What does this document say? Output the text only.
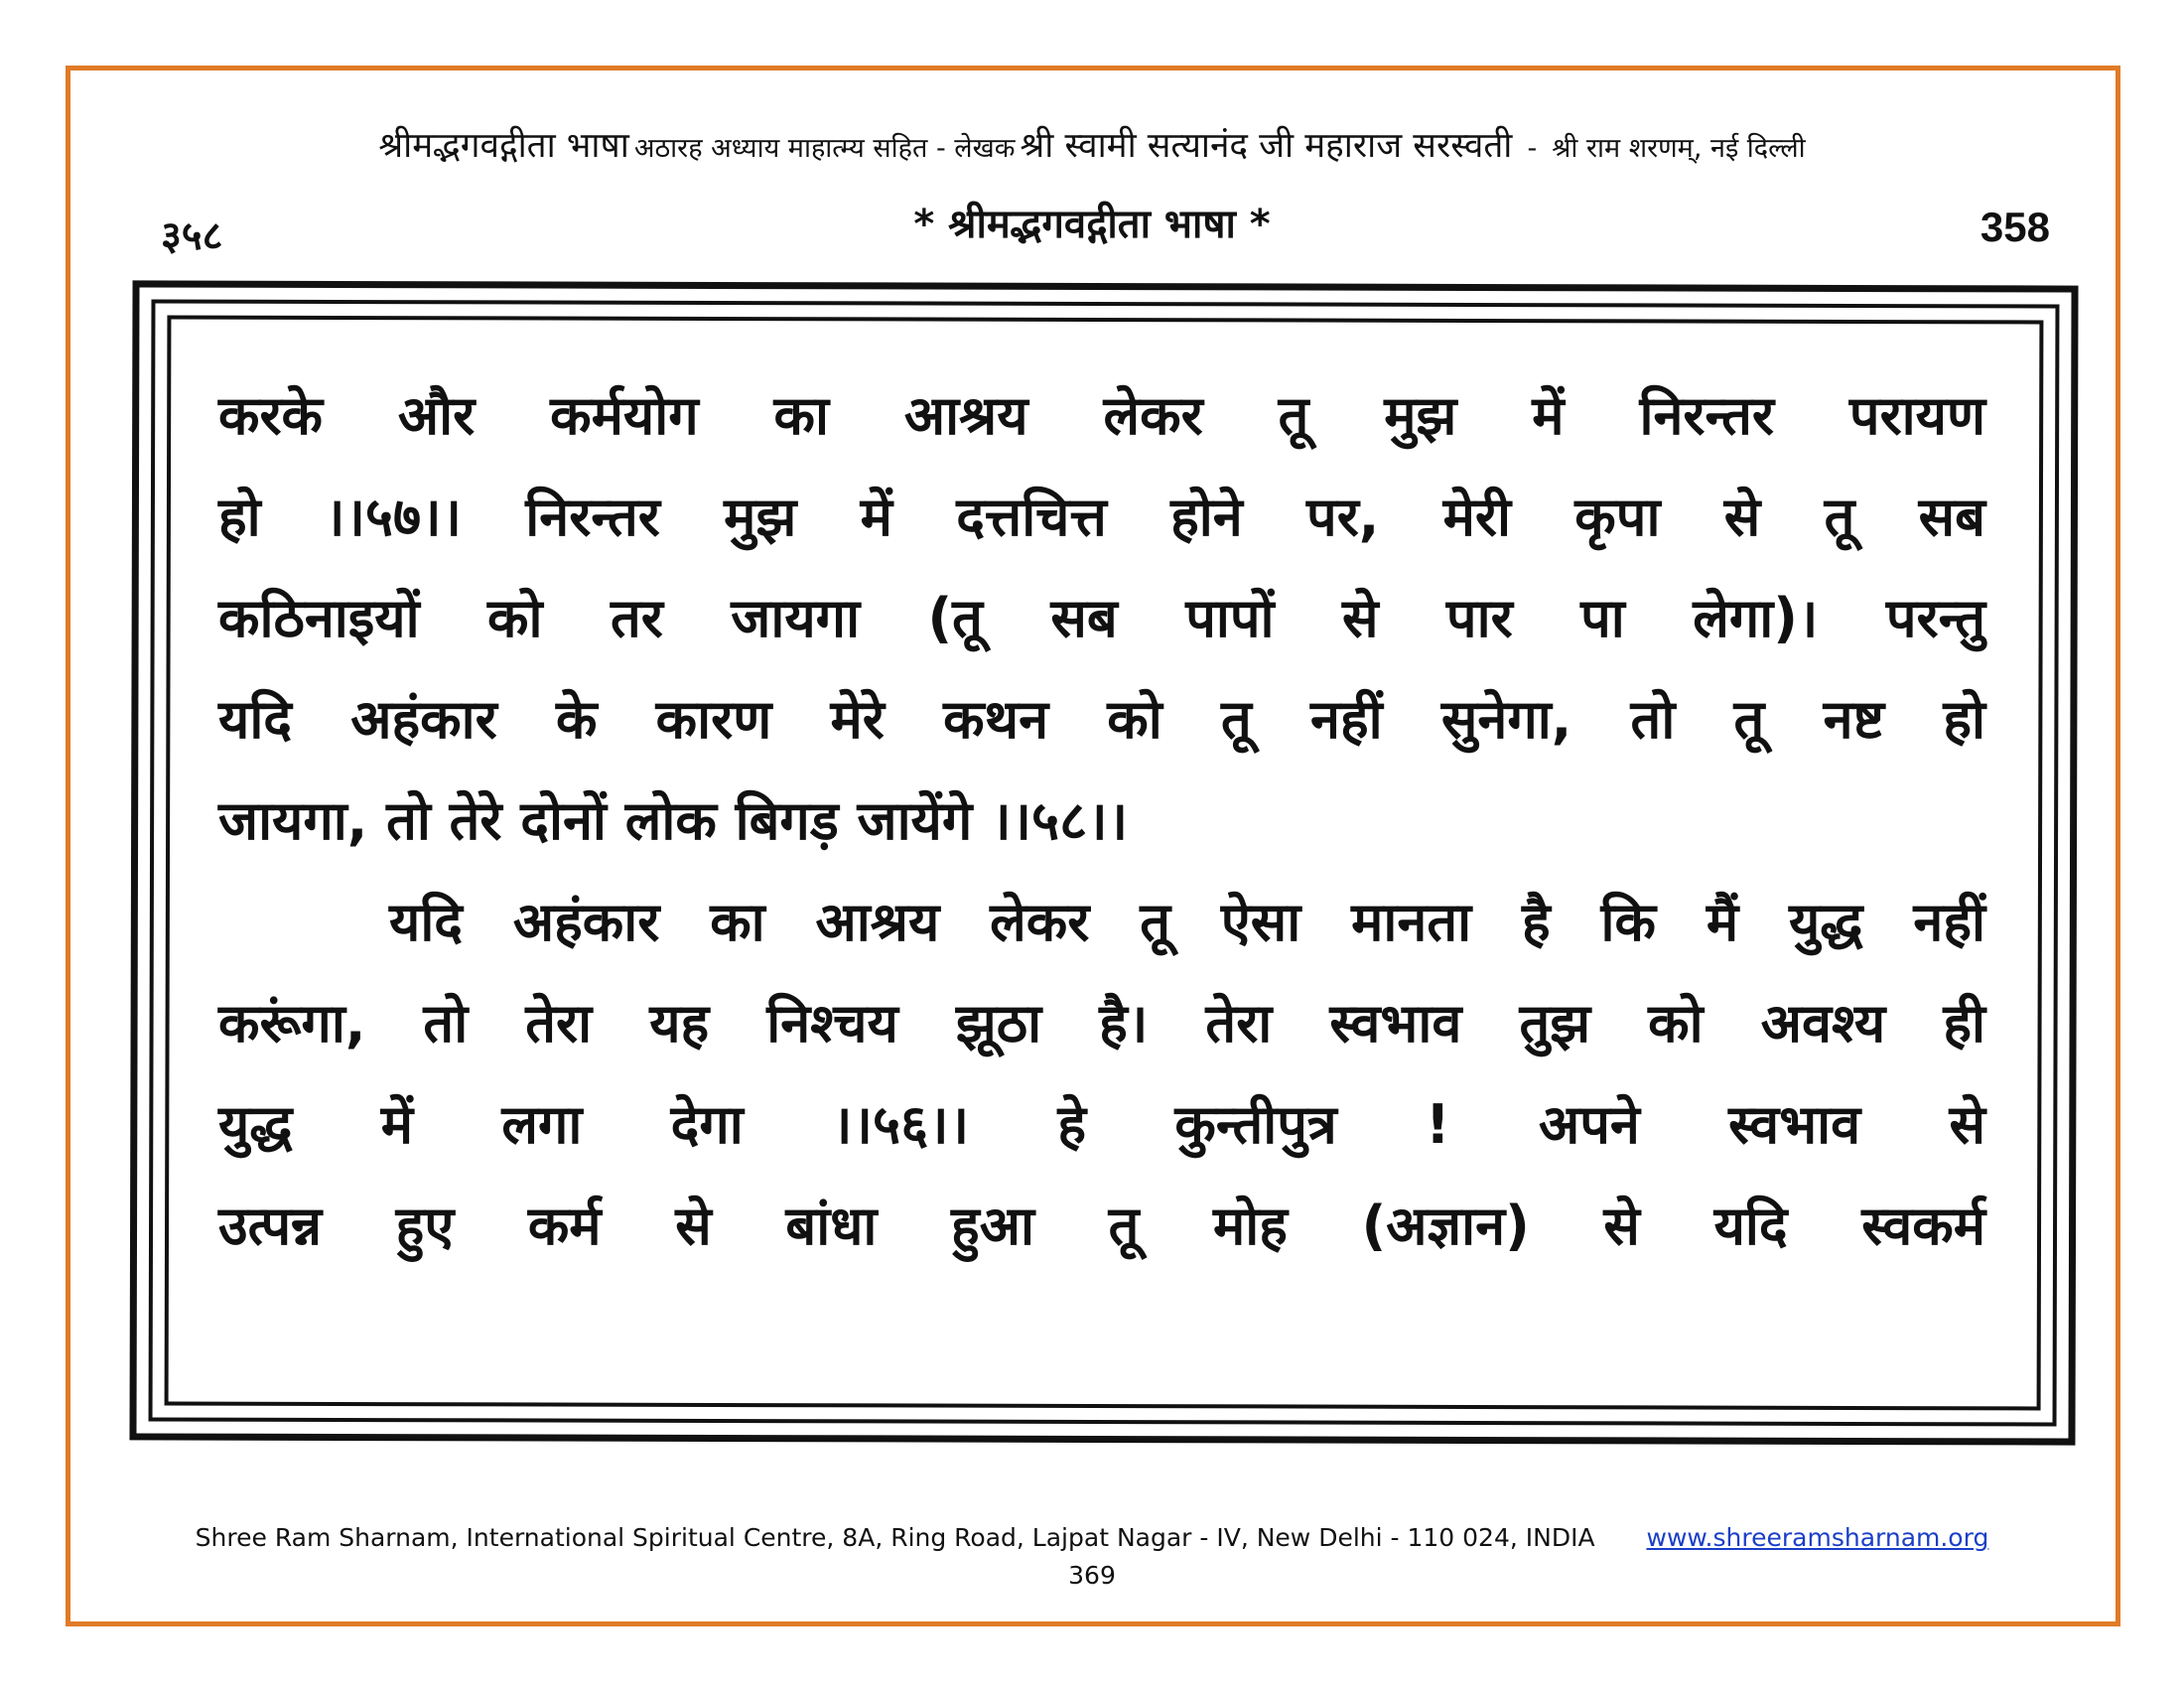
श्रीमद्भगवद्गीता भाषा अठारह अध्याय माहात्म्य सहित - लेखक श्री स्वामी सत्यानंद जी महाराज सरस्वती - श्री राम शरणम्, नई दिल्ली
३५८	* श्रीमद्भगवद्गीता भाषा *	358
करके और कर्मयोग का आश्रय लेकर तू मुझ में निरन्तर परायण
हो ।।५७।। निरन्तर मुझ में दत्तचित्त होने पर, मेरी कृपा से तू सब
कठिनाइयों को तर जायगा (तू सब पापों से पार पा लेगा)। परन्तु
यदि अहंकार के कारण मेरे कथन को तू नहीं सुनेगा, तो तू नष्ट हो
जायगा, तो तेरे दोनों लोक बिगड़ जायेंगे ।।५८।।
यदि अहंकार का आश्रय लेकर तू ऐसा मानता है कि मैं युद्ध नहीं
करूंगा, तो तेरा यह निश्चय झूठा है। तेरा स्वभाव तुझ को अवश्य ही
युद्ध में लगा देगा ।।५६।। हे कुन्तीपुत्र ! अपने स्वभाव से
उत्पन्न हुए कर्म से बांधा हुआ तू मोह (अज्ञान) से यदि स्वकर्म
Shree Ram Sharnam, International Spiritual Centre, 8A, Ring Road, Lajpat Nagar - IV, New Delhi - 110 024, INDIA www.shreeramsharnam.org
369
